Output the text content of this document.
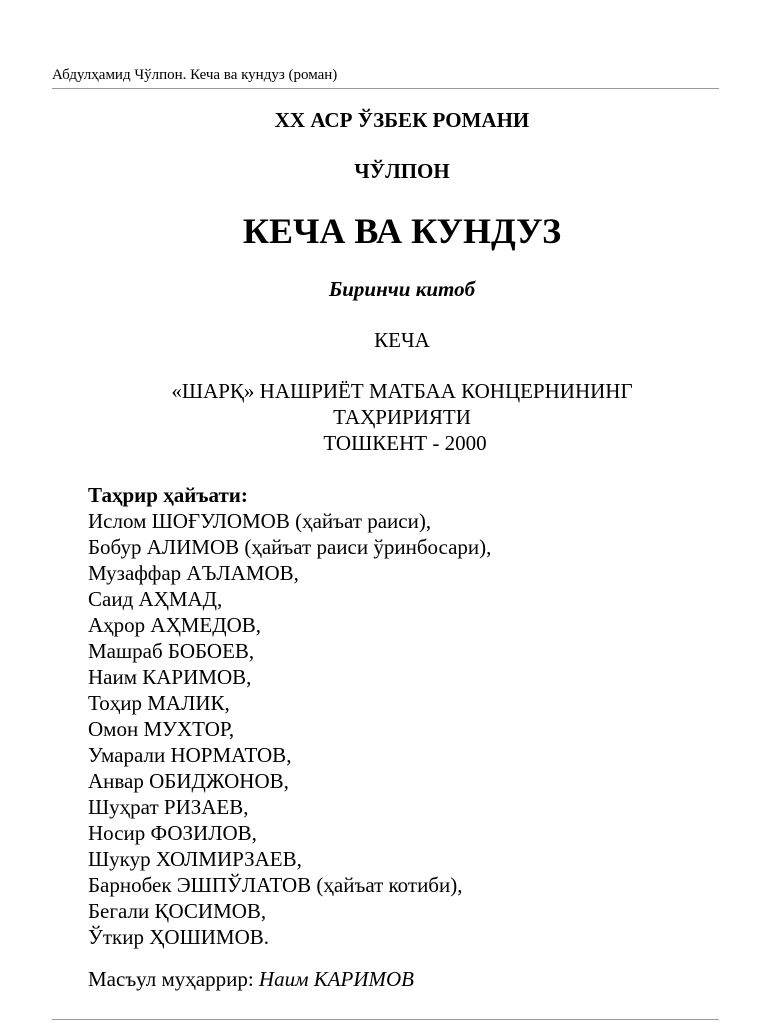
Абдулҳамид Чўлпон. Кеча ва кундуз (роман)
XX АСР ЎЗБЕК РОМАНИ
ЧЎЛПОН
КЕЧА ВА КУНДУЗ
Биринчи китоб
КЕЧА
«ШАРҚ» НАШРИЁТ МАТБАА КОНЦЕРНИНИНГ
ТАҲРИРИЯТИ
ТОШКЕНТ - 2000
Таҳрир ҳайъати:
Ислом ШОҒУЛОМОВ (ҳайъат раиси),
Бобур АЛИМОВ (ҳайъат раиси ўринбосари),
Музаффар АЪЛАМОВ,
Саид АҲМАД,
Аҳрор АҲМЕДОВ,
Машраб БОБОЕВ,
Наим КАРИМОВ,
Тоҳир МАЛИК,
Омон МУХТОР,
Умарали НОРМАТОВ,
Анвар ОБИДЖОНОВ,
Шуҳрат РИЗАЕВ,
Носир ФОЗИЛОВ,
Шукур ХОЛМИРЗАЕВ,
Барнобек ЭШПЎЛАТОВ (ҳайъат котиби),
Бегали ҚОСИМОВ,
Ўткир ҲОШИМОВ.
Масъул муҳаррир: Наим КАРИМОВ
